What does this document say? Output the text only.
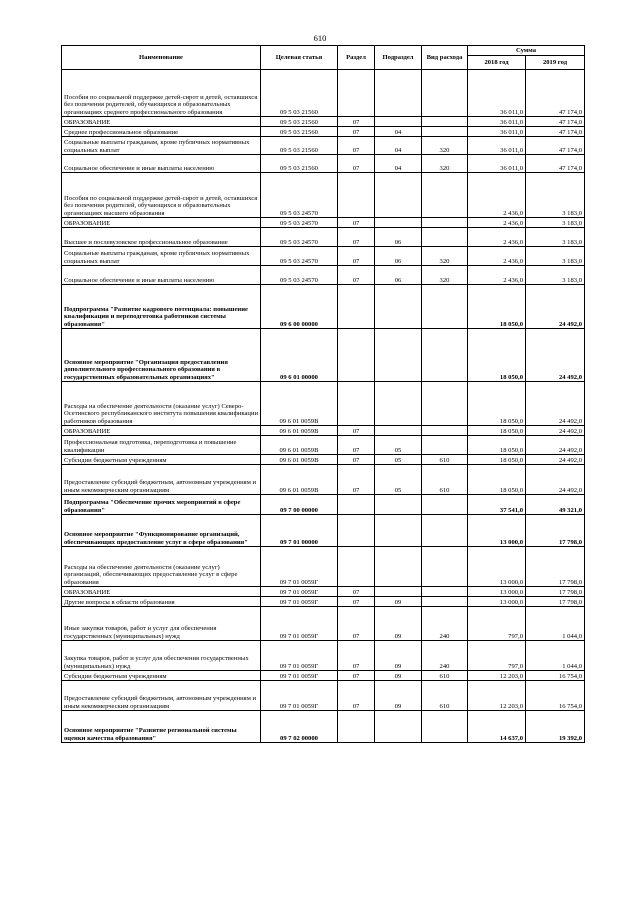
610
Наименование	Целевая статья	Раздел	Подраздел	Вид расхода	Сумма	
					2018 год	2019 год
Пособия по социальной поддержке детей-сирот и детей, оставшихся без попечения родителей, обучающихся в образовательных организациях среднего профессионального образования	09 5 03 21560				36 011,0	47 174,0
ОБРАЗОВАНИЕ	09 5 03 21560	07			36 011,0	47 174,0
Среднее профессиональное образование	09 5 03 21560	07	04		36 011,0	47 174,0
Социальные выплаты гражданам, кроме публичных нормативных социальных выплат	09 5 03 21560	07	04	320	36 011,0	47 174,0
Социальное обеспечение и иные выплаты населению	09 5 03 21560	07	04	320	36 011,0	47 174,0
Пособия по социальной поддержке детей-сирот и детей, оставшихся без попечения родителей, обучающихся в образовательных организациях высшего образования	09 5 03 24570				2 436,0	3 183,0
ОБРАЗОВАНИЕ	09 5 03 24570	07			2 436,0	3 183,0
Высшее и послевузовское профессиональное образование	09 5 03 24570	07	06		2 436,0	3 183,0
Социальные выплаты гражданам, кроме публичных нормативных социальных выплат	09 5 03 24570	07	06	320	2 436,0	3 183,0
Социальное обеспечение и иные выплаты населению	09 5 03 24570	07	06	320	2 436,0	3 183,0
Подпрограмма "Развитие кадрового потенциала: повышение квалификации и переподготовка работников системы образования"	09 6 00 00000				18 050,0	24 492,0
Основное мероприятие "Организация предоставления дополнительного профессионального образования в государственных образовательных организациях"	09 6 01 00000				18 050,0	24 492,0
Расходы на обеспечение деятельности (оказание услуг) Северо-Осетинского республиканского института повышения квалификации работников образования	09 6 01 0059В				18 050,0	24 492,0
ОБРАЗОВАНИЕ	09 6 01 0059В	07			18 050,0	24 492,0
Профессиональная подготовка, переподготовка и повышение квалификации	09 6 01 0059В	07	05		18 050,0	24 492,0
Субсидии бюджетным учреждениям	09 6 01 0059В	07	05	610	18 050,0	24 492,0
Предоставление субсидий бюджетным, автономным учреждениям и иным некоммерческим организациям	09 6 01 0059В	07	05	610	18 050,0	24 492,0
Подпрограмма "Обеспечение прочих мероприятий в сфере образования"	09 7 00 00000				37 541,0	49 321,0
Основное мероприятие "Функционирование организаций, обеспечивающих предоставление услуг в сфере образования"	09 7 01 00000				13 000,0	17 798,0
Расходы на обеспечение деятельности (оказание услуг) организаций, обеспечивающих предоставление услуг в сфере образования	09 7 01 0059Г				13 000,0	17 798,0
ОБРАЗОВАНИЕ	09 7 01 0059Г	07			13 000,0	17 798,0
Другие вопросы в области образования	09 7 01 0059Г	07	09		13 000,0	17 798,0
Иные закупки товаров, работ и услуг для обеспечения государственных (муниципальных) нужд	09 7 01 0059Г	07	09	240	797,0	1 044,0
Закупка товаров, работ и услуг для обеспечения государственных (муниципальных) нужд	09 7 01 0059Г	07	09	240	797,0	1 044,0
Субсидии бюджетным учреждениям	09 7 01 0059Г	07	09	610	12 203,0	16 754,0
Предоставление субсидий бюджетным, автономным учреждениям и иным некоммерческим организациям	09 7 01 0059Г	07	09	610	12 203,0	16 754,0
Основное мероприятие "Развитие региональной системы оценки качества образования"	09 7 02 00000				14 637,0	19 392,0
